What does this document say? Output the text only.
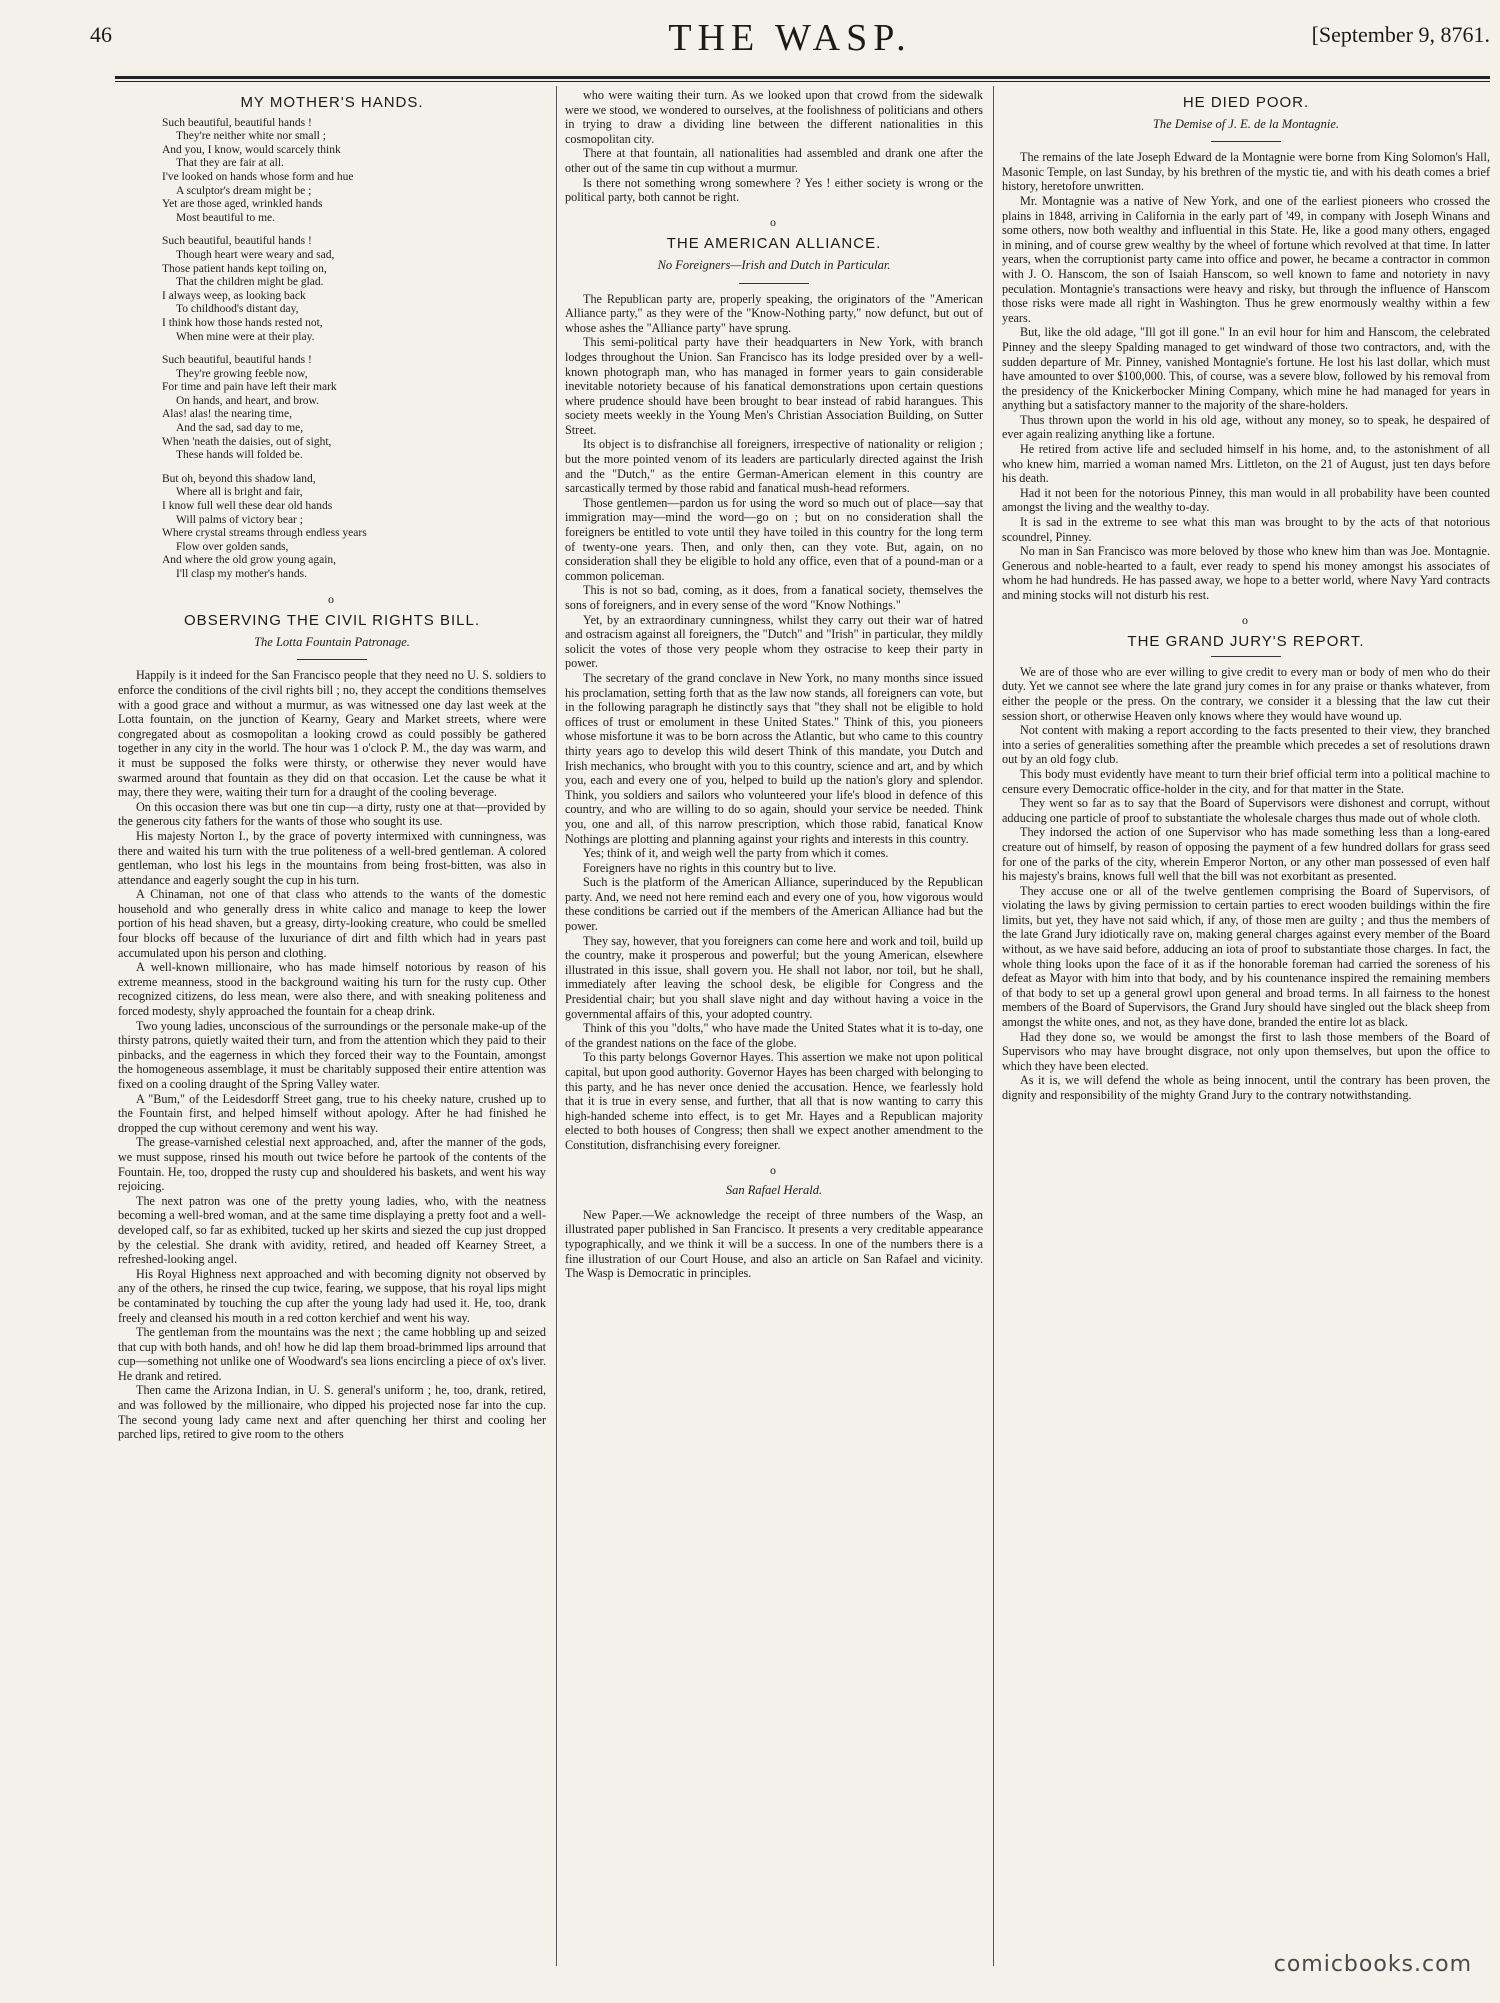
46	THE WASP.	[September 9, 8761.
MY MOTHER'S HANDS.
Such beautiful, beautiful hands !
They're neither white nor small ;
And you, I know, would scarcely think
That they are fair at all.
I've looked on hands whose form and hue
A sculptor's dream might be ;
Yet are those aged, wrinkled hands
Most beautiful to me.
Such beautiful, beautiful hands !
Though heart were weary and sad,
Those patient hands kept toiling on,
That the children might be glad.
I always weep, as looking back
To childhood's distant day,
I think how those hands rested not,
When mine were at their play.
Such beautiful, beautiful hands !
They're growing feeble now,
For time and pain have left their mark
On hands, and heart, and brow.
Alas! alas! the nearing time,
And the sad, sad day to me,
When 'neath the daisies, out of sight,
These hands will folded be.
But oh, beyond this shadow land,
Where all is bright and fair,
I know full well these dear old hands
Will palms of victory bear ;
Where crystal streams through endless years
Flow over golden sands,
And where the old grow young again,
I'll clasp my mother's hands.
o
OBSERVING THE CIVIL RIGHTS BILL.
The Lotta Fountain Patronage.

Happily is it indeed for the San Francisco people that they need no U. S. soldiers to enforce the conditions of the civil rights bill ; no, they accept the conditions themselves with a good grace and without a murmur, as was witnessed one day last week at the Lotta fountain, on the junction of Kearny, Geary and Market streets, where were congregated about as cosmopolitan a looking crowd as could possibly be gathered together in any city in the world. The hour was 1 o'clock P. M., the day was warm, and it must be supposed the folks were thirsty, or otherwise they never would have swarmed around that fountain as they did on that occasion. Let the cause be what it may, there they were, waiting their turn for a draught of the cooling beverage.

On this occasion there was but one tin cup—a dirty, rusty one at that—provided by the generous city fathers for the wants of those who sought its use.

His majesty Norton I., by the grace of poverty intermixed with cunningness, was there and waited his turn with the true politeness of a well-bred gentleman. A colored gentleman, who lost his legs in the mountains from being frost-bitten, was also in attendance and eagerly sought the cup in his turn.

A Chinaman, not one of that class who attends to the wants of the domestic household and who generally dress in white calico and manage to keep the lower portion of his head shaven, but a greasy, dirty-looking creature, who could be smelled four blocks off because of the luxuriance of dirt and filth which had in years past accumulated upon his person and clothing.

A well-known millionaire, who has made himself notorious by reason of his extreme meanness, stood in the background waiting his turn for the rusty cup. Other recognized citizens, do less mean, were also there, and with sneaking politeness and forced modesty, shyly approached the fountain for a cheap drink.

Two young ladies, unconscious of the surroundings or the personale make-up of the thirsty patrons, quietly waited their turn, and from the attention which they paid to their pinbacks, and the eagerness in which they forced their way to the Fountain, amongst the homogeneous assemblage, it must be charitably supposed their entire attention was fixed on a cooling draught of the Spring Valley water.

A "Bum," of the Leidesdorff Street gang, true to his cheeky nature, crushed up to the Fountain first, and helped himself without apology. After he had finished he dropped the cup without ceremony and went his way.

The grease-varnished celestial next approached, and, after the manner of the gods, we must suppose, rinsed his mouth out twice before he partook of the contents of the Fountain. He, too, dropped the rusty cup and shouldered his baskets, and went his way rejoicing.

The next patron was one of the pretty young ladies, who, with the neatness becoming a well-bred woman, and at the same time displaying a pretty foot and a well-developed calf, so far as exhibited, tucked up her skirts and siezed the cup just dropped by the celestial. She drank with avidity, retired, and headed off Kearney Street, a refreshed-looking angel.

His Royal Highness next approached and with becoming dignity not observed by any of the others, he rinsed the cup twice, fearing, we suppose, that his royal lips might be contaminated by touching the cup after the young lady had used it. He, too, drank freely and cleansed his mouth in a red cotton kerchief and went his way.

The gentleman from the mountains was the next ; the came hobbling up and seized that cup with both hands, and oh! how he did lap them broad-brimmed lips arround that cup—something not unlike one of Woodward's sea lions encircling a piece of ox's liver. He drank and retired.

Then came the Arizona Indian, in U. S. general's uniform ; he, too, drank, retired, and was followed by the millionaire, who dipped his projected nose far into the cup. The second young lady came next and after quenching her thirst and cooling her parched lips, retired to give room to the others

who were waiting their turn. As we looked upon that crowd from the sidewalk were we stood, we wondered to ourselves, at the foolishness of politicians and others in trying to draw a dividing line between the different nationalities in this cosmopolitan city.

There at that fountain, all nationalities had assembled and drank one after the other out of the same tin cup without a murmur.

Is there not something wrong somewhere ? Yes ! either society is wrong or the political party, both cannot be right.

o
THE AMERICAN ALLIANCE.
No Foreigners—Irish and Dutch in Particular.

The Republican party are, properly speaking, the originators of the "American Alliance party," as they were of the "Know-Nothing party," now defunct, but out of whose ashes the "Alliance party" have sprung.

This semi-political party have their headquarters in New York, with branch lodges throughout the Union. San Francisco has its lodge presided over by a well-known photograph man, who has managed in former years to gain considerable inevitable notoriety because of his fanatical demonstrations upon certain questions where prudence should have been brought to bear instead of rabid harangues. This society meets weekly in the Young Men's Christian Association Building, on Sutter Street.

Its object is to disfranchise all foreigners, irrespective of nationality or religion ; but the more pointed venom of its leaders are particularly directed against the Irish and the "Dutch," as the entire German-American element in this country are sarcastically termed by those rabid and fanatical mush-head reformers.

Those gentlemen—pardon us for using the word so much out of place—say that immigration may—mind the word—go on ; but on no consideration shall the foreigners be entitled to vote until they have toiled in this country for the long term of twenty-one years. Then, and only then, can they vote. But, again, on no consideration shall they be eligible to hold any office, even that of a pound-man or a common policeman.

This is not so bad, coming, as it does, from a fanatical society, themselves the sons of foreigners, and in every sense of the word "Know Nothings."

Yet, by an extraordinary cunningness, whilst they carry out their war of hatred and ostracism against all foreigners, the "Dutch" and "Irish" in particular, they mildly solicit the votes of those very people whom they ostracise to keep their party in power.

The secretary of the grand conclave in New York, no many months since issued his proclamation, setting forth that as the law now stands, all foreigners can vote, but in the following paragraph he distinctly says that "they shall not be eligible to hold offices of trust or emolument in these United States." Think of this, you pioneers whose misfortune it was to be born across the Atlantic, but who came to this country thirty years ago to develop this wild desert Think of this mandate, you Dutch and Irish mechanics, who brought with you to this country, science and art, and by which you, each and every one of you, helped to build up the nation's glory and splendor. Think, you soldiers and sailors who volunteered your life's blood in defence of this country, and who are willing to do so again, should your service be needed. Think you, one and all, of this narrow prescription, which those rabid, fanatical Know Nothings are plotting and planning against your rights and interests in this country.

Yes; think of it, and weigh well the party from which it comes.

Foreigners have no rights in this country but to live.

Such is the platform of the American Alliance, superinduced by the Republican party. And, we need not here remind each and every one of you, how vigorous would these conditions be carried out if the members of the American Alliance had but the power.

They say, however, that you foreigners can come here and work and toil, build up the country, make it prosperous and powerful; but the young American, elsewhere illustrated in this issue, shall govern you. He shall not labor, nor toil, but he shall, immediately after leaving the school desk, be eligible for Congress and the Presidential chair; but you shall slave night and day without having a voice in the governmental affairs of this, your adopted country.

Think of this you "dolts," who have made the United States what it is to-day, one of the grandest nations on the face of the globe.

To this party belongs Governor Hayes. This assertion we make not upon political capital, but upon good authority. Governor Hayes has been charged with belonging to this party, and he has never once denied the accusation. Hence, we fearlessly hold that it is true in every sense, and further, that all that is now wanting to carry this high-handed scheme into effect, is to get Mr. Hayes and a Republican majority elected to both houses of Congress; then shall we expect another amendment to the Constitution, disfranchising every foreigner.

o
San Rafael Herald.

New Paper.—We acknowledge the receipt of three numbers of the Wasp, an illustrated paper published in San Francisco. It presents a very creditable appearance typographically, and we think it will be a success. In one of the numbers there is a fine illustration of our Court House, and also an article on San Rafael and vicinity. The Wasp is Democratic in principles.

HE DIED POOR.
The Demise of J. E. de la Montagnie.

The remains of the late Joseph Edward de la Montagnie were borne from King Solomon's Hall, Masonic Temple, on last Sunday, by his brethren of the mystic tie, and with his death comes a brief history, heretofore unwritten.

Mr. Montagnie was a native of New York, and one of the earliest pioneers who crossed the plains in 1848, arriving in California in the early part of '49, in company with Joseph Winans and some others, now both wealthy and influential in this State. He, like a good many others, engaged in mining, and of course grew wealthy by the wheel of fortune which revolved at that time. In latter years, when the corruptionist party came into office and power, he became a contractor in common with J. O. Hanscom, the son of Isaiah Hanscom, so well known to fame and notoriety in navy peculation. Montagnie's transactions were heavy and risky, but through the influence of Hanscom those risks were made all right in Washington. Thus he grew enormously wealthy within a few years.

But, like the old adage, "Ill got ill gone." In an evil hour for him and Hanscom, the celebrated Pinney and the sleepy Spalding managed to get windward of those two contractors, and, with the sudden departure of Mr. Pinney, vanished Montagnie's fortune. He lost his last dollar, which must have amounted to over $100,000. This, of course, was a severe blow, followed by his removal from the presidency of the Knickerbocker Mining Company, which mine he had managed for years in anything but a satisfactory manner to the majority of the share-holders.

Thus thrown upon the world in his old age, without any money, so to speak, he despaired of ever again realizing anything like a fortune.

He retired from active life and secluded himself in his home, and, to the astonishment of all who knew him, married a woman named Mrs. Littleton, on the 21 of August, just ten days before his death.

Had it not been for the notorious Pinney, this man would in all probability have been counted amongst the living and the wealthy to-day.

It is sad in the extreme to see what this man was brought to by the acts of that notorious scoundrel, Pinney.

No man in San Francisco was more beloved by those who knew him than was Joe. Montagnie. Generous and noble-hearted to a fault, ever ready to spend his money amongst his associates of whom he had hundreds. He has passed away, we hope to a better world, where Navy Yard contracts and mining stocks will not disturb his rest.

o
THE GRAND JURY'S REPORT.

We are of those who are ever willing to give credit to every man or body of men who do their duty. Yet we cannot see where the late grand jury comes in for any praise or thanks whatever, from either the people or the press. On the contrary, we consider it a blessing that the law cut their session short, or otherwise Heaven only knows where they would have wound up.

Not content with making a report according to the facts presented to their view, they branched into a series of generalities something after the preamble which precedes a set of resolutions drawn out by an old fogy club.

This body must evidently have meant to turn their brief official term into a political machine to censure every Democratic office-holder in the city, and for that matter in the State.

They went so far as to say that the Board of Supervisors were dishonest and corrupt, without adducing one particle of proof to substantiate the wholesale charges thus made out of whole cloth.

They indorsed the action of one Supervisor who has made something less than a long-eared creature out of himself, by reason of opposing the payment of a few hundred dollars for grass seed for one of the parks of the city, wherein Emperor Norton, or any other man possessed of even half his majesty's brains, knows full well that the bill was not exorbitant as presented.

They accuse one or all of the twelve gentlemen comprising the Board of Supervisors, of violating the laws by giving permission to certain parties to erect wooden buildings within the fire limits, but yet, they have not said which, if any, of those men are guilty ; and thus the members of the late Grand Jury idiotically rave on, making general charges against every member of the Board without, as we have said before, adducing an iota of proof to substantiate those charges. In fact, the whole thing looks upon the face of it as if the honorable foreman had carried the soreness of his defeat as Mayor with him into that body, and by his countenance inspired the remaining members of that body to set up a general growl upon general and broad terms. In all fairness to the honest members of the Board of Supervisors, the Grand Jury should have singled out the black sheep from amongst the white ones, and not, as they have done, branded the entire lot as black.

Had they done so, we would be amongst the first to lash those members of the Board of Supervisors who may have brought disgrace, not only upon themselves, but upon the office to which they have been elected.

As it is, we will defend the whole as being innocent, until the contrary has been proven, the dignity and responsibility of the mighty Grand Jury to the contrary notwithstanding.

comicbooks.com
